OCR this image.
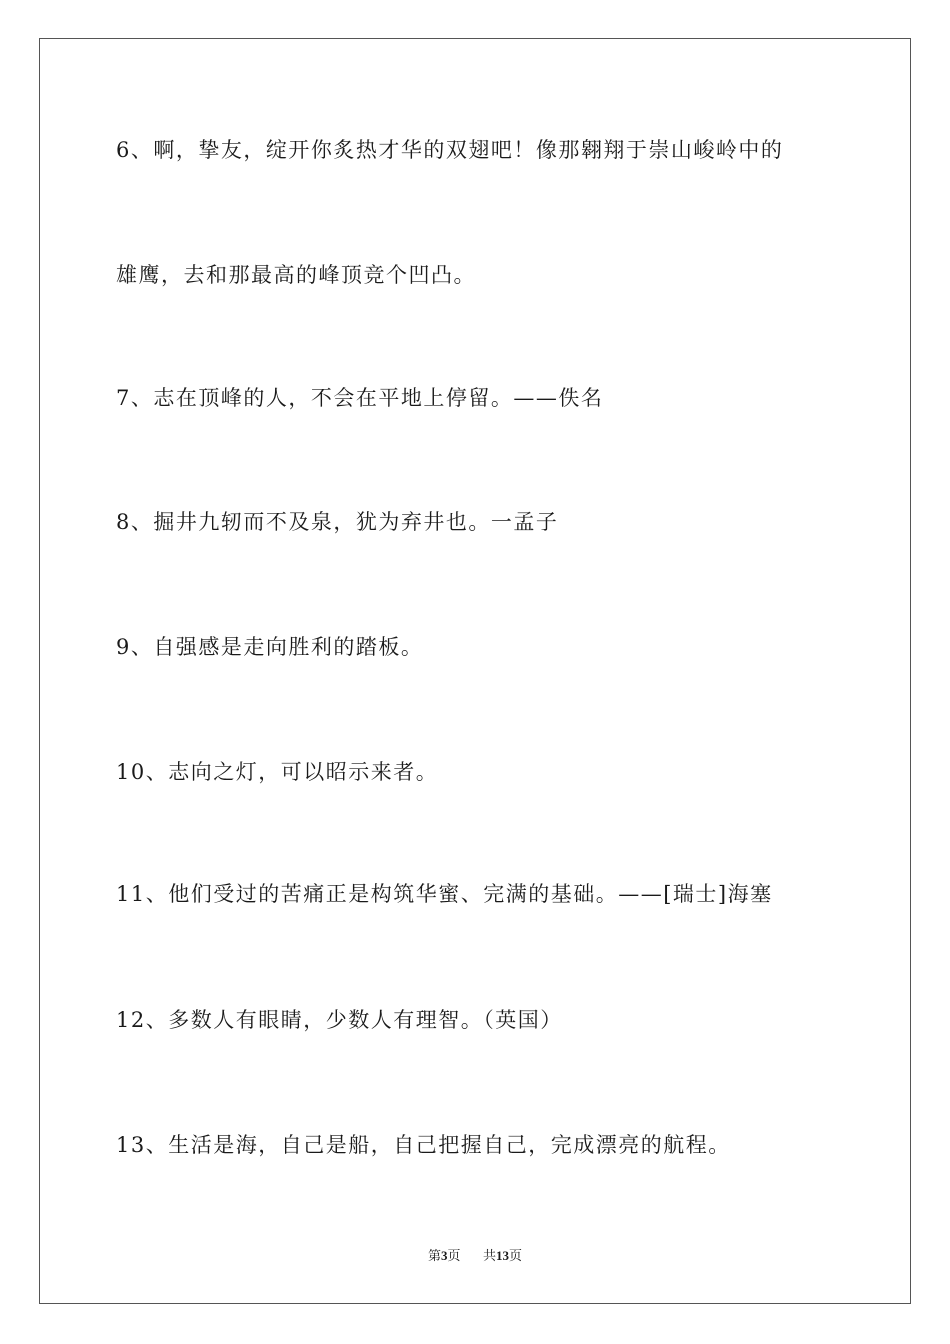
6、啊，挚友，绽开你炙热才华的双翅吧！像那翱翔于崇山峻岭中的
雄鹰，去和那最高的峰顶竞个凹凸。
7、志在顶峰的人，不会在平地上停留。——佚名
8、掘井九轫而不及泉，犹为弃井也。一孟子
9、自强感是走向胜利的踏板。
10、志向之灯，可以昭示来者。
11、他们受过的苦痛正是构筑华蜜、完满的基础。——[瑞士]海塞
12、多数人有眼睛，少数人有理智。（英国）
13、生活是海，自己是船，自己把握自己，完成漂亮的航程。
第3页 共13页
